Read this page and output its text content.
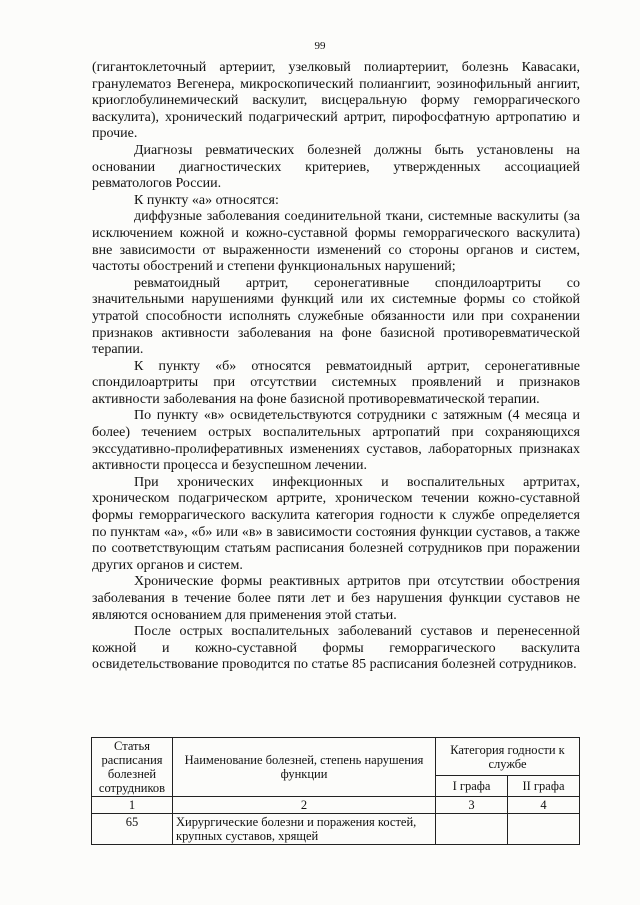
99

(гигантоклеточный артериит, узелковый полиартериит, болезнь Кавасаки, гранулематоз Вегенера, микроскопический полиангиит, эозинофильный ангиит, криоглобулинемический васкулит, висцеральную форму геморрагического васкулита), хронический подагрический артрит, пирофосфатную артропатию и прочие.

Диагнозы ревматических болезней должны быть установлены на основании диагностических критериев, утвержденных ассоциацией ревматологов России.

К пункту «а» относятся:

диффузные заболевания соединительной ткани, системные васкулиты (за исключением кожной и кожно-суставной формы геморрагического васкулита) вне зависимости от выраженности изменений со стороны органов и систем, частоты обострений и степени функциональных нарушений;

ревматоидный артрит, серонегативные спондилоартриты со значительными нарушениями функций или их системные формы со стойкой утратой способности исполнять служебные обязанности или при сохранении признаков активности заболевания на фоне базисной противоревматической терапии.

К пункту «б» относятся ревматоидный артрит, серонегативные спондилоартриты при отсутствии системных проявлений и признаков активности заболевания на фоне базисной противоревматической терапии.

По пункту «в» освидетельствуются сотрудники с затяжным (4 месяца и более) течением острых воспалительных артропатий при сохраняющихся экссудативно-пролиферативных изменениях суставов, лабораторных признаках активности процесса и безуспешном лечении.

При хронических инфекционных и воспалительных артритах, хроническом подагрическом артрите, хроническом течении кожно-суставной формы геморрагического васкулита категория годности к службе определяется по пунктам «а», «б» или «в» в зависимости состояния функции суставов, а также по соответствующим статьям расписания болезней сотрудников при поражении других органов и систем.

Хронические формы реактивных артритов при отсутствии обострения заболевания в течение более пяти лет и без нарушения функции суставов не являются основанием для применения этой статьи.

После острых воспалительных заболеваний суставов и перенесенной кожной и кожно-суставной формы геморрагического васкулита освидетельствование проводится по статье 85 расписания болезней сотрудников.

Статья расписания болезней сотрудников	Наименование болезней, степень нарушения функции	Категория годности к службе	
		I графа	II графа
1	2	3	4
65	Хирургические болезни и поражения костей, крупных суставов, хрящей		
